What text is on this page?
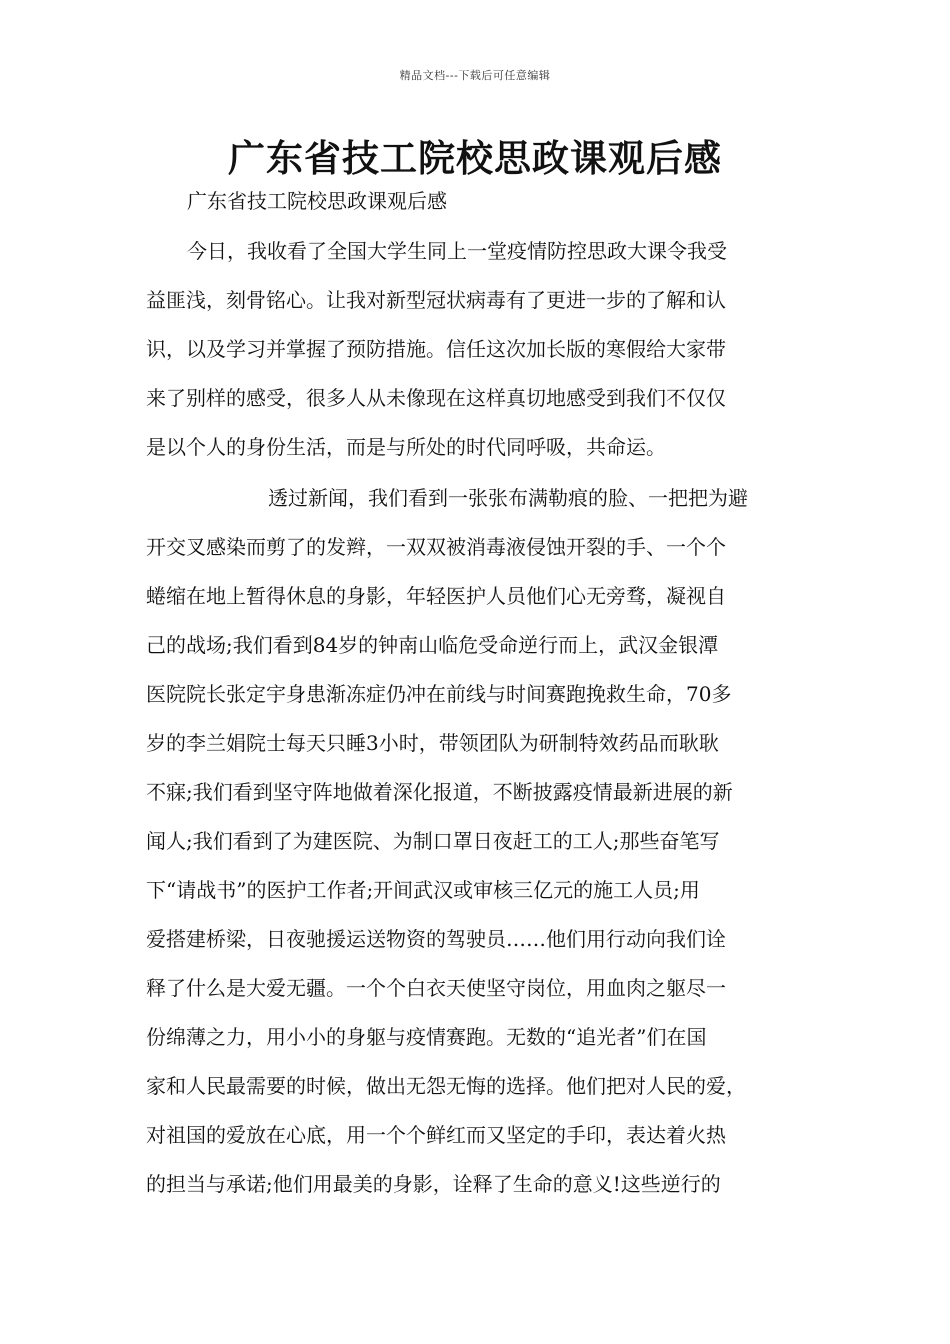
精品文档---下载后可任意编辑
广东省技工院校思政课观后感
广东省技工院校思政课观后感
今日，我收看了全国大学生同上一堂疫情防控思政大课令我受
益匪浅，刻骨铭心。让我对新型冠状病毒有了更进一步的了解和认
识，以及学习并掌握了预防措施。信任这次加长版的寒假给大家带
来了别样的感受，很多人从未像现在这样真切地感受到我们不仅仅
是以个人的身份生活，而是与所处的时代同呼吸，共命运。
透过新闻，我们看到一张张布满勒痕的脸、一把把为避
开交叉感染而剪了的发辫，一双双被消毒液侵蚀开裂的手、一个个
蜷缩在地上暂得休息的身影，年轻医护人员他们心无旁骛，凝视自
己的战场;我们看到84岁的钟南山临危受命逆行而上，武汉金银潭
医院院长张定宇身患渐冻症仍冲在前线与时间赛跑挽救生命，70多
岁的李兰娟院士每天只睡3小时，带领团队为研制特效药品而耿耿
不寐;我们看到坚守阵地做着深化报道，不断披露疫情最新进展的新
闻人;我们看到了为建医院、为制口罩日夜赶工的工人;那些奋笔写
下“请战书”的医护工作者;开间武汉或审核三亿元的施工人员;用
爱搭建桥梁，日夜驰援运送物资的驾驶员……他们用行动向我们诠
释了什么是大爱无疆。一个个白衣天使坚守岗位，用血肉之躯尽一
份绵薄之力，用小小的身躯与疫情赛跑。无数的“追光者”们在国
家和人民最需要的时候，做出无怨无悔的选择。他们把对人民的爱，
对祖国的爱放在心底，用一个个鲜红而又坚定的手印，表达着火热
的担当与承诺;他们用最美的身影，诠释了生命的意义!这些逆行的
